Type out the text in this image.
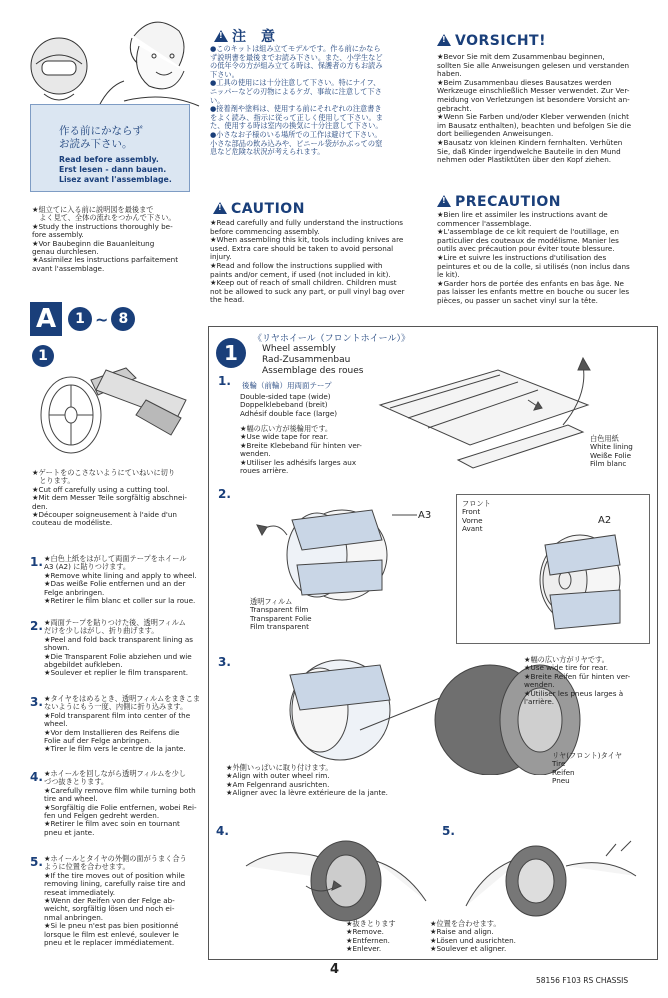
作る前にかならず
お読み下さい。
Read before assembly.
Erst lesen - dann bauen.
Lisez avant l'assemblage.
★組立てに入る前に説明図を最後まで
　よく見て、全体の流れをつかんで下さい。
★Study the instructions thoroughly be-
fore assembly.
★Vor Baubeginn die Bauanleitung
genau durchlesen.
★Assimilez les instructions parfaitement
avant l'assemblage.
!注　意
●このキットは組み立てモデルです。作る前にかなら
ず説明書を最後までお読み下さい。また、小学生など
の低年令の方が組み立てる時は、保護者の方もお読み
下さい。
●工具の使用には十分注意して下さい。特にナイフ、
ニッパーなどの刃物によるケガ、事故に注意して下さ
い。
●接着剤や塗料は、使用する前にそれぞれの注意書き
をよく読み、指示に従って正しく使用して下さい。ま
た、使用する時は室内の換気に十分注意して下さい。
●小さなお子様のいる場所での工作は避けて下さい。
小さな部品の飲み込みや、ビニール袋がかぶっての窒
息など危険な状況が考えられます。
!CAUTION
★Read carefully and fully understand the instructions
before commencing assembly.
★When assembling this kit, tools including knives are
used. Extra care should be taken to avoid personal
injury.
★Read and follow the instructions supplied with
paints and/or cement, if used (not included in kit).
★Keep out of reach of small children. Children must
not be allowed to suck any part, or pull vinyl bag over
the head.
!VORSICHT!
★Bevor Sie mit dem Zusammenbau beginnen,
sollten Sie alle Anweisungen gelesen und verstanden
haben.
★Beim Zusammenbau dieses Bausatzes werden
Werkzeuge einschließlich Messer verwendet. Zur Ver-
meidung von Verletzungen ist besondere Vorsicht an-
gebracht.
★Wenn Sie Farben und/oder Kleber verwenden (nicht
im Bausatz enthalten), beachten und befolgen Sie die
dort beiliegenden Anweisungen.
★Bausatz von kleinen Kindern fernhalten. Verhüten
Sie, daß Kinder irgendwelche Bauteile in den Mund
nehmen oder Plastiktüten über den Kopf ziehen.
!PRECAUTION
★Bien lire et assimiler les instructions avant de
commencer l'assemblage.
★L'assemblage de ce kit requiert de l'outillage, en
particulier des couteaux de modélisme. Manier les
outils avec précaution pour éviter toute blessure.
★Lire et suivre les instructions d'utilisation des
peintures et ou de la colle, si utilisés (non inclus dans
le kit).
★Garder hors de portée des enfants en bas âge. Ne
pas laisser les enfants mettre en bouche ou sucer les
pièces, ou passer un sachet vinyl sur la tête.
A	1 ~ 8
1
★ゲートをのこさないようにていねいに切り
　とります。
★Cut off carefully using a cutting tool.
★Mit dem Messer Teile sorgfältig abschnei-
den.
★Découper soigneusement à l'aide d'un
couteau de modéliste.
1. ★白色上紙をはがして両面テープをホイール
A3 (A2) に貼りつけます。
★Remove white lining and apply to wheel.
★Das weiße Folie entfernen und an der
Felge anbringen.
★Retirer le film blanc et coller sur la roue.
2. ★両面テープを貼りつけた後、透明フィルム
だけを少しはがし、折り曲げます。
★Peel and fold back transparent lining as
shown.
★Die Transparent Folie abziehen und wie
abgebildet aufkleben.
★Soulever et replier le film transparent.
3. ★タイヤをはめるとき、透明フィルムをまきこま
ないようにもう一度、内側に折り込みます。
★Fold transparent film into center of the
wheel.
★Vor dem Installieren des Reifens die
Folie auf der Felge anbringen.
★Tirer le film vers le centre de la jante.
4. ★ホイールを回しながら透明フィルムを少し
づつ抜きとります。
★Carefully remove film while turning both
tire and wheel.
★Sorgfältig die Folie entfernen, wobei Rei-
fen und Felgen gedreht werden.
★Retirer le film avec soin en tournant
pneu et jante.
5. ★ホイールとタイヤの外側の面がうまく合う
ように位置を合わせます。
★If the tire moves out of position while
removing lining, carefully raise tire and
reseat immediately.
★Wenn der Reifen von der Felge ab-
weicht, sorgfältig lösen und noch ei-
nmal anbringen.
★Si le pneu n'est pas bien positionné
lorsque le film est enlevé, soulever le
pneu et le replacer immédiatement.
1
《リヤホイール（フロントホイール）》
Wheel assembly
Rad-Zusammenbau
Assemblage des roues
1. 後輪（前輪）用両面テープ
Double-sided tape (wide)
Doppelklebeband (breit)
Adhésif double face (large)
★幅の広い方が後輪用です。
★Use wide tape for rear.
★Breite Klebeband für hinten ver-
wenden.
★Utiliser les adhésifs larges aux
roues arrière.
白色用紙
White lining
Weiße Folie
Film blanc
2.
A3
透明フィルム
Transparent film
Transparent Folie
Film transparent
フロント
Front
Vorne
Avant
A2
3.	★幅の広い方がリヤです。
★Use wide tire for rear.
★Breite Reifen für hinten ver-
wenden.
★Utiliser les pneus larges à
l'arrière.
リヤ(フロント)タイヤ
Tire
Reifen
Pneu
★外側いっぱいに取り付けます。
★Align with outer wheel rim.
★Am Felgenrand ausrichten.
★Aligner avec la lèvre extérieure de la jante.
4.
★抜きとります
★Remove.
★Entfernen.
★Enlever.
5.
★位置を合わせます。
★Raise and align.
★Lösen und ausrichten.
★Soulever et aligner.
4
58156 F103 RS CHASSIS
